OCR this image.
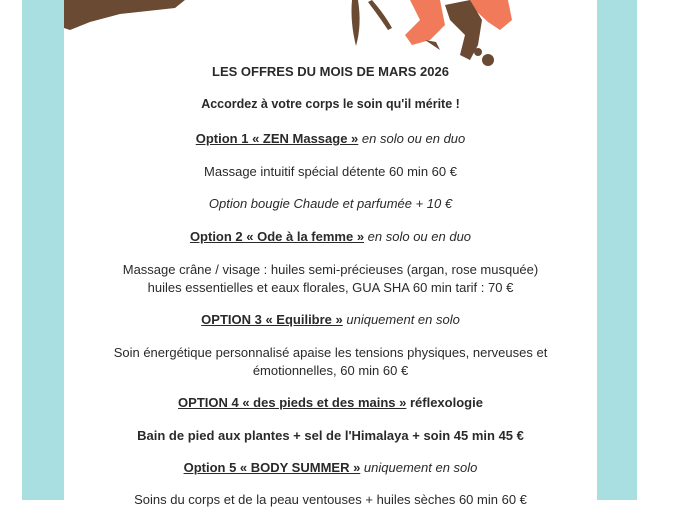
LES OFFRES DU MOIS DE MARS 2026
Accordez à votre corps le soin qu'il mérite !
Option 1 « ZEN Massage » en solo ou en duo
Massage intuitif spécial détente 60 min 60 €
Option bougie Chaude et parfumée + 10 €
Option 2 « Ode à la femme » en solo ou en duo
Massage crâne / visage : huiles semi-précieuses (argan, rose musquée)
huiles essentielles et eaux florales, GUA SHA 60 min tarif : 70 €
OPTION 3 « Equilibre » uniquement en solo
Soin énergétique personnalisé apaise les tensions physiques, nerveuses et
émotionnelles, 60 min 60 €
OPTION 4 « des pieds et des mains » réflexologie
Bain de pied aux plantes + sel de l'Himalaya + soin 45 min 45 €
Option 5 « BODY SUMMER » uniquement en solo
Soins du corps et de la peau ventouses + huiles sèches 60 min 60 €
